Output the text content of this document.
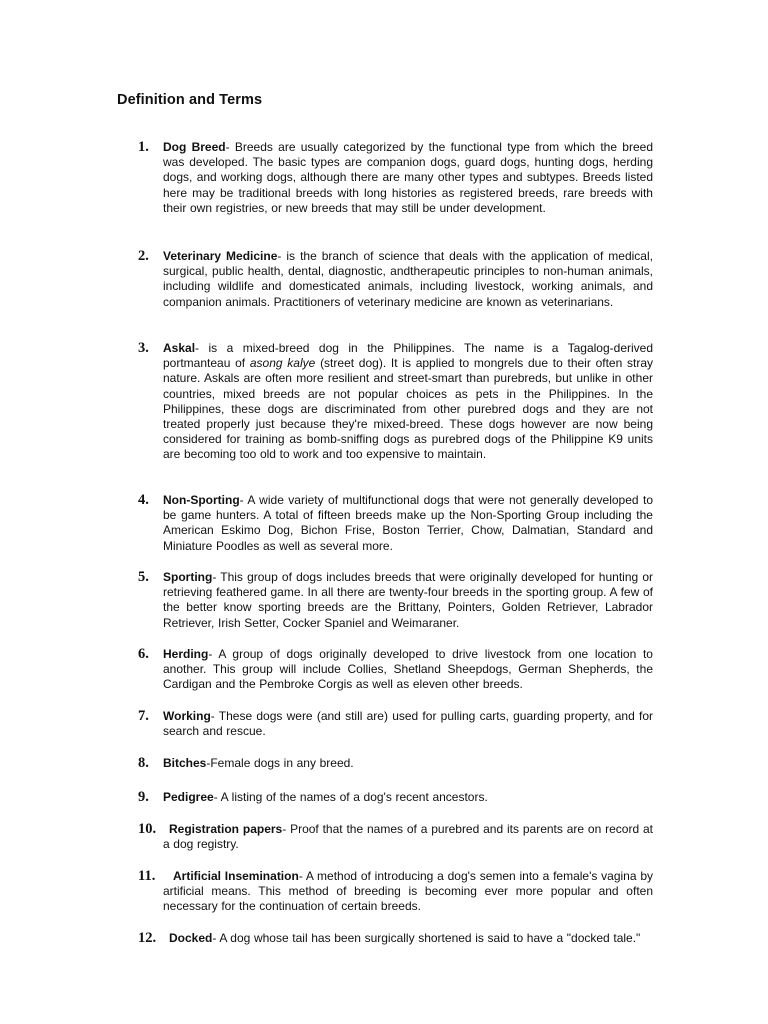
Definition and Terms
1. Dog Breed- Breeds are usually categorized by the functional type from which the breed was developed. The basic types are companion dogs, guard dogs, hunting dogs, herding dogs, and working dogs, although there are many other types and subtypes. Breeds listed here may be traditional breeds with long histories as registered breeds, rare breeds with their own registries, or new breeds that may still be under development.
2. Veterinary Medicine- is the branch of science that deals with the application of medical, surgical, public health, dental, diagnostic, andtherapeutic principles to non-human animals, including wildlife and domesticated animals, including livestock, working animals, and companion animals. Practitioners of veterinary medicine are known as veterinarians.
3. Askal- is a mixed-breed dog in the Philippines. The name is a Tagalog-derived portmanteau of asong kalye (street dog). It is applied to mongrels due to their often stray nature. Askals are often more resilient and street-smart than purebreds, but unlike in other countries, mixed breeds are not popular choices as pets in the Philippines. In the Philippines, these dogs are discriminated from other purebred dogs and they are not treated properly just because they're mixed-breed. These dogs however are now being considered for training as bomb-sniffing dogs as purebred dogs of the Philippine K9 units are becoming too old to work and too expensive to maintain.
4. Non-Sporting- A wide variety of multifunctional dogs that were not generally developed to be game hunters. A total of fifteen breeds make up the Non-Sporting Group including the American Eskimo Dog, Bichon Frise, Boston Terrier, Chow, Dalmatian, Standard and Miniature Poodles as well as several more.
5. Sporting- This group of dogs includes breeds that were originally developed for hunting or retrieving feathered game. In all there are twenty-four breeds in the sporting group. A few of the better know sporting breeds are the Brittany, Pointers, Golden Retriever, Labrador Retriever, Irish Setter, Cocker Spaniel and Weimaraner.
6. Herding- A group of dogs originally developed to drive livestock from one location to another. This group will include Collies, Shetland Sheepdogs, German Shepherds, the Cardigan and the Pembroke Corgis as well as eleven other breeds.
7. Working- These dogs were (and still are) used for pulling carts, guarding property, and for search and rescue.
8. Bitches-Female dogs in any breed.
9. Pedigree- A listing of the names of a dog's recent ancestors.
10.	Registration papers- Proof that the names of a purebred and its parents are on record at a dog registry.
11.	Artificial Insemination- A method of introducing a dog's semen into a female's vagina by artificial means. This method of breeding is becoming ever more popular and often necessary for the continuation of certain breeds.
12.	Docked- A dog whose tail has been surgically shortened is said to have a "docked tale."
